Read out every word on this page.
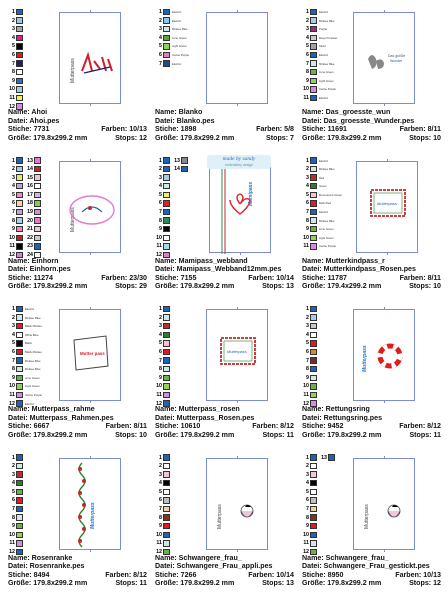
1
2
3
4
5
6
7
8
9
10
11
12
Mutterpass
Name: Ahoi
Datei: Ahoi.pes
Stiche: 7731	Farben: 10/13
Größe: 179.8x299.2 mm	Stops: 12
1	Electric
2	Electric
3	Minttee Blue
4	Lime Green
5	Light Green
6	Cerise Purple
7	Electric
Name: Blanko
Datei: Blanko.pes
Stiche: 1898	Farben: 5/8
Größe: 179.8x299.2 mm	Stops: 7
1	Electric
2	Minttee Blue
3	Purple
4	Deep Prussian
5	Silver
6	Electric
7	Minttee Blue
8	Lime Green
9	Light Green
10	Cerise Purple
11	Electric
Das größte
Wunder
Name: Das_groesste_wun
Datei: Das_groesste_Wunder.pes
Stiche: 11691	Farben: 8/11
Größe: 179.8x299.2 mm	Stops: 10
1	13
2	14
3	15
4	16
5	17
6	18
7	19
8	20
9	21
10	22
11	23
12	24
Mutterpass
Name: Einhorn
Datei: Einhorn.pes
Stiche: 11274	Farben: 23/30
Größe: 179.8x299.2 mm	Stops: 29
1	13
2	14
3
4
5
6
7
8
9
10
11
12
Mamipass
made by sandy
embroidery design
Name: Mamipass_webband
Datei: Mamipass_Webband12mm.pes
Stiche: 7155	Farben: 10/14
Größe: 179.8x299.2 mm	Stops: 13
1	Electric
2	Minttee Blue
3	Red
4	Green
5	Fluorescent Green
6	Dark Red
7	Electric
8	Minttee Blue
9	Lime Green
10	Light Green
11	Cerise Purple
Mutterpass
Name: Mutterkindpass_r
Datei: Mutterkindpass_Rosen.pes
Stiche: 11787	Farben: 8/11
Größe: 179.4x299.2 mm	Stops: 10
1	Electric
2	Minttee Blue
3	Black Minttee
4	White Blue
5	Black
6	Black Minttee
7	Minttee Blue
8	Minttee Blue
9	Lime Green
10	Light Green
11	Cerise Purple
12	Electric
Mutter pass
Name: Mutterpass_rahme
Datei: Mutterpass_Rahmen.pes
Stiche: 6667	Farben: 8/11
Größe: 179.8x299.2 mm	Stops: 10
1
2
3
4
5
6
7
8
9
10
11
12
Mutterpass
Name: Mutterpass_rosen
Datei: Mutterpass_Rosen.pes
Stiche: 10610	Farben: 8/12
Größe: 179.8x299.2 mm	Stops: 11
1
2
3
4
5
6
7
8
9
10
11
12
Mutterpass
Name: Rettungsring
Datei: Rettungsring.pes
Stiche: 9452	Farben: 8/12
Größe: 179.8x299.2 mm	Stops: 11
1
2
3
4
5
6
7
8
9
10
11
12
Mutterpass
Name: Rosenranke
Datei: Rosenranke.pes
Stiche: 8494	Farben: 8/12
Größe: 179.8x299.2 mm	Stops: 11
1
2
3
4
5
6
7
8
9
10
11
12
Mutterpass
Name: Schwangere_frau_
Datei: Schwangere_Frau_appli.pes
Stiche: 7266	Farben: 10/14
Größe: 179.8x299.2 mm	Stops: 13
1	13
2
3
4
5
6
7
8
9
10
11
12
Mutterpass
Name: Schwangere_frau_
Datei: Schwangere_Frau_gestickt.pes
Stiche: 8950	Farben: 10/13
Größe: 179.8x299.2 mm	Stops: 12
